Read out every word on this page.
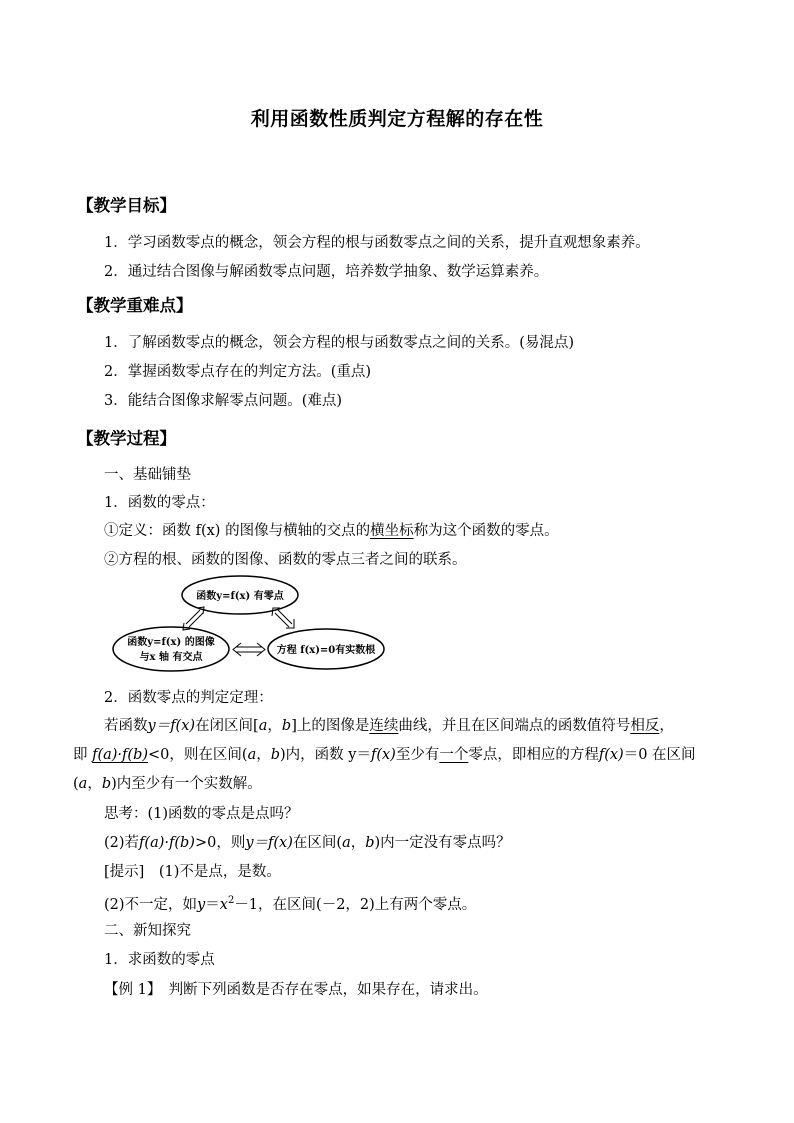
利用函数性质判定方程解的存在性
【教学目标】
1．学习函数零点的概念，领会方程的根与函数零点之间的关系，提升直观想象素养。
2．通过结合图像与解函数零点问题，培养数学抽象、数学运算素养。
【教学重难点】
1．了解函数零点的概念，领会方程的根与函数零点之间的关系。(易混点)
2．掌握函数零点存在的判定方法。(重点)
3．能结合图像求解零点问题。(难点)
【教学过程】
一、基础铺垫
1．函数的零点：
①定义：函数 f(x) 的图像与横轴的交点的横坐标称为这个函数的零点。
②方程的根、函数的图像、函数的零点三者之间的联系。
函数y=f(x) 有零点
函数y=f(x) 的图像
与x 轴 有交点
方程 f(x)=0有实数根
2．函数零点的判定定理：
若函数y＝f(x)在闭区间[a，b]上的图像是连续曲线，并且在区间端点的函数值符号相反，
即 f(a)·f(b)<0，则在区间(a，b)内，函数 y＝f(x)至少有一个零点，即相应的方程f(x)＝0 在区间
(a，b)内至少有一个实数解。
思考：(1)函数的零点是点吗？
(2)若f(a)·f(b)>0，则y＝f(x)在区间(a，b)内一定没有零点吗？
[提示]　(1)不是点，是数。
(2)不一定，如$y=x^2-1$，在区间(－2，2)上有两个零点。
二、新知探究
1．求函数的零点
【例 1】　判断下列函数是否存在零点，如果存在，请求出。
